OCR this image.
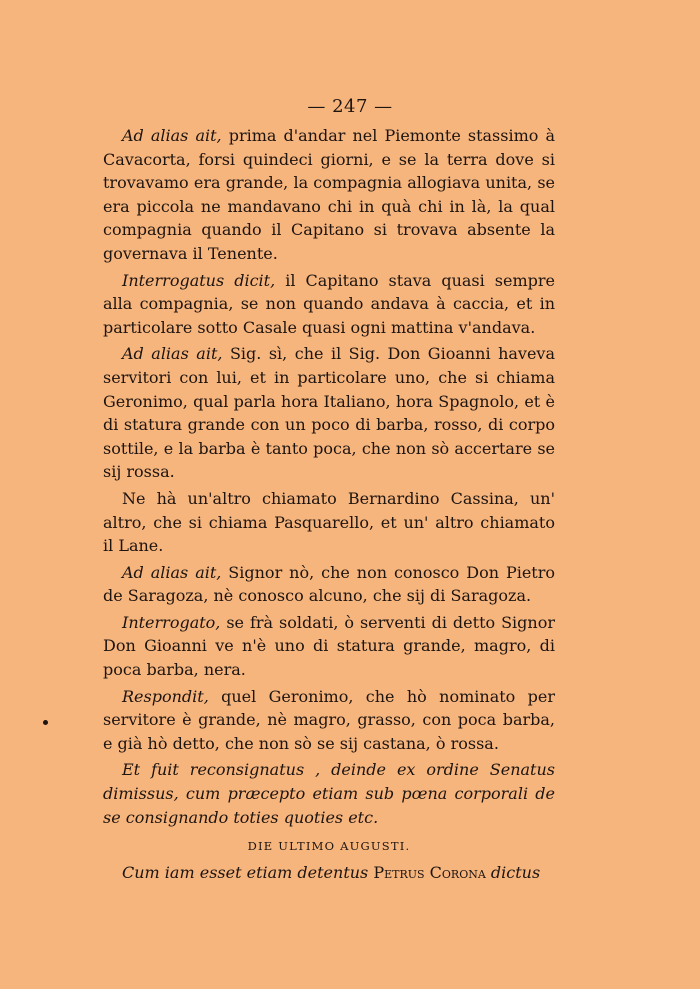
— 247 —

Ad alias ait, prima d'andar nel Piemonte stassimo à Cavacorta, forsi quindeci giorni, e se la terra dove si trovavamo era grande, la compagnia allogiava unita, se era piccola ne mandavano chi in quà chi in là, la qual compagnia quando il Capitano si trovava absente la governava il Tenente.

Interrogatus dicit, il Capitano stava quasi sempre alla compagnia, se non quando andava à caccia, et in particolare sotto Casale quasi ogni mattina v'andava.

Ad alias ait, Sig. sì, che il Sig. Don Gioanni haveva servitori con lui, et in particolare uno, che si chiama Geronimo, qual parla hora Italiano, hora Spagnolo, et è di statura grande con un poco di barba, rosso, di corpo sottile, e la barba è tanto poca, che non sò accertare se sij rossa.

Ne hà un'altro chiamato Bernardino Cassina, un' altro, che si chiama Pasquarello, et un' altro chiamato il Lane.

Ad alias ait, Signor nò, che non conosco Don Pietro de Saragoza, nè conosco alcuno, che sij di Saragoza.

Interrogato, se frà soldati, ò serventi di detto Signor Don Gioanni ve n'è uno di statura grande, magro, di poca barba, nera.

Respondit, quel Geronimo, che hò nominato per servitore è grande, nè magro, grasso, con poca barba, e già hò detto, che non sò se sij castana, ò rossa.

Et fuit reconsignatus , deinde ex ordine Senatus dimissus, cum præcepto etiam sub pœna corporali de se consignando toties quoties etc.

DIE ULTIMO AUGUSTI.

Cum iam esset etiam detentus Petrus Corona dictus
